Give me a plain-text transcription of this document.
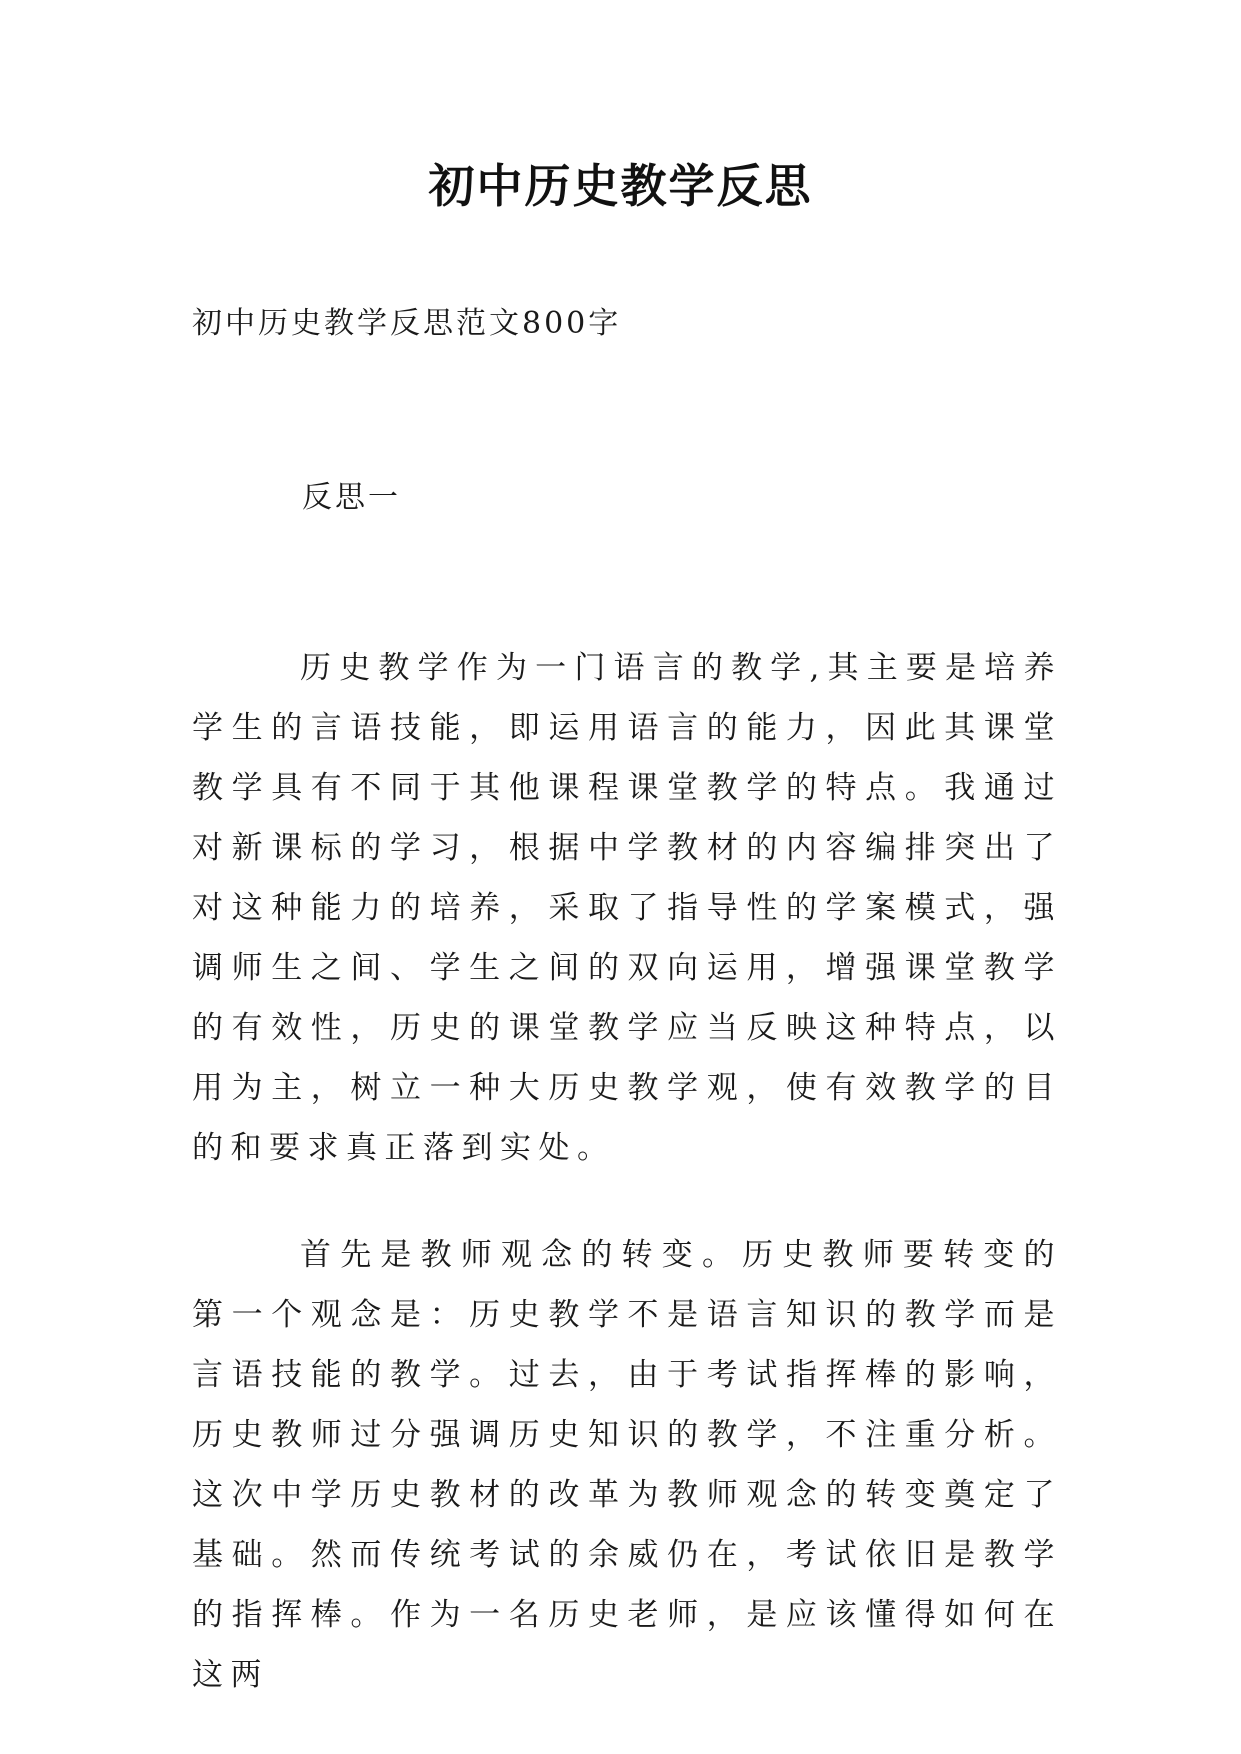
初中历史教学反思
初中历史教学反思范文800字
反思一

历史教学作为一门语言的教学,其主要是培养学生的言语技能，即运用语言的能力，因此其课堂教学具有不同于其他课程课堂教学的特点。我通过对新课标的学习，根据中学教材的内容编排突出了对这种能力的培养，采取了指导性的学案模式，强调师生之间、学生之间的双向运用，增强课堂教学的有效性，历史的课堂教学应当反映这种特点，以用为主，树立一种大历史教学观，使有效教学的目的和要求真正落到实处。

首先是教师观念的转变。历史教师要转变的第一个观念是：历史教学不是语言知识的教学而是言语技能的教学。过去，由于考试指挥棒的影响，历史教师过分强调历史知识的教学，不注重分析。这次中学历史教材的改革为教师观念的转变奠定了基础。然而传统考试的余威仍在，考试依旧是教学的指挥棒。作为一名历史老师，是应该懂得如何在这两
